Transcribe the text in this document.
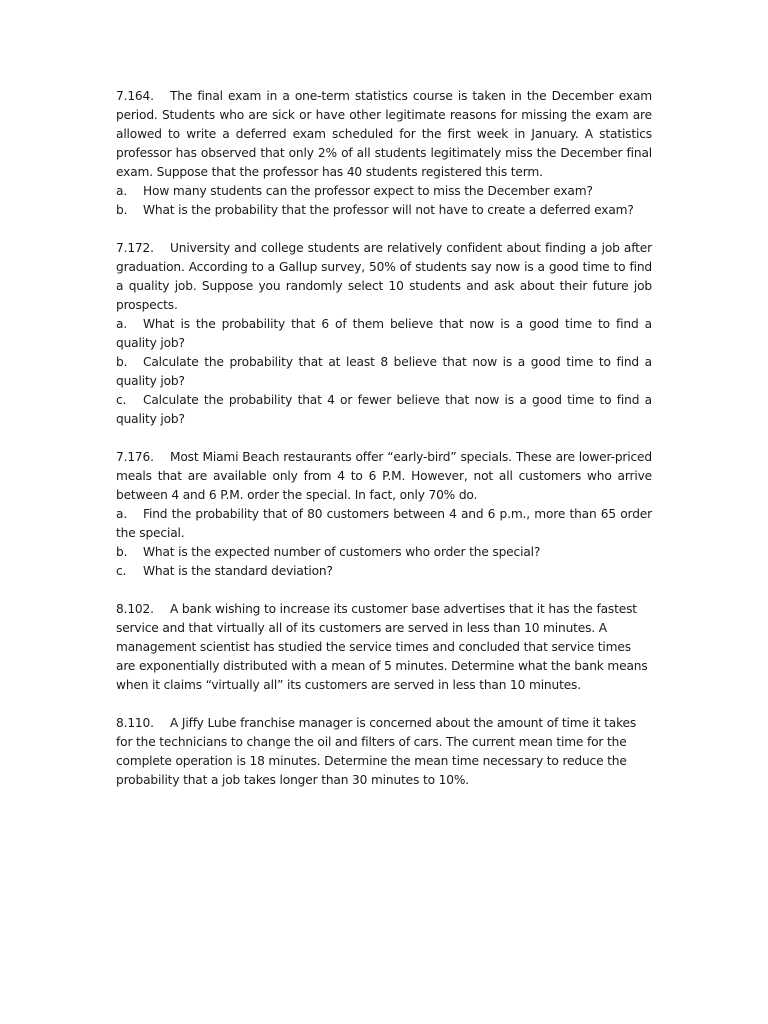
7.164. The final exam in a one-term statistics course is taken in the December exam period. Students who are sick or have other legitimate reasons for missing the exam are allowed to write a deferred exam scheduled for the first week in January. A statistics professor has observed that only 2% of all students legitimately miss the December final exam. Suppose that the professor has 40 students registered this term.

a. How many students can the professor expect to miss the December exam?

b. What is the probability that the professor will not have to create a deferred exam?

7.172. University and college students are relatively confident about finding a job after graduation. According to a Gallup survey, 50% of students say now is a good time to find a quality job. Suppose you randomly select 10 students and ask about their future job prospects.

a. What is the probability that 6 of them believe that now is a good time to find a quality job?

b. Calculate the probability that at least 8 believe that now is a good time to find a quality job?

c. Calculate the probability that 4 or fewer believe that now is a good time to find a quality job?

7.176. Most Miami Beach restaurants offer “early-bird” specials. These are lower-priced meals that are available only from 4 to 6 P.M. However, not all customers who arrive between 4 and 6 P.M. order the special. In fact, only 70% do.

a. Find the probability that of 80 customers between 4 and 6 p.m., more than 65 order the special.

b. What is the expected number of customers who order the special?

c. What is the standard deviation?

8.102. A bank wishing to increase its customer base advertises that it has the fastest service and that virtually all of its customers are served in less than 10 minutes. A management scientist has studied the service times and concluded that service times are exponentially distributed with a mean of 5 minutes. Determine what the bank means when it claims “virtually all” its customers are served in less than 10 minutes.

8.110. A Jiffy Lube franchise manager is concerned about the amount of time it takes for the technicians to change the oil and filters of cars. The current mean time for the complete operation is 18 minutes. Determine the mean time necessary to reduce the probability that a job takes longer than 30 minutes to 10%.
